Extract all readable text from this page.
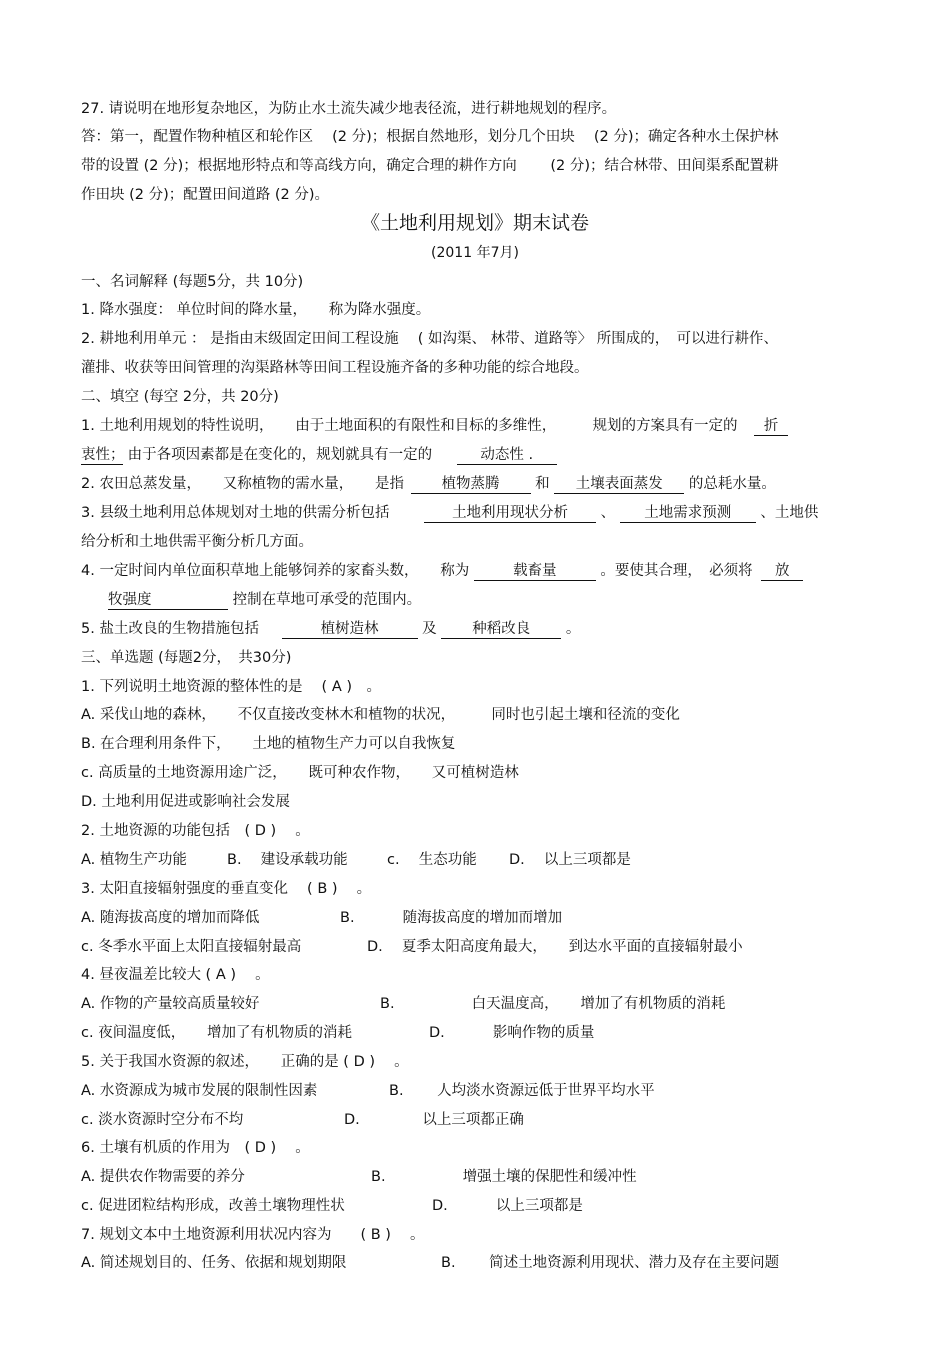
27. 请说明在地形复杂地区，为防止水土流失减少地表径流，进行耕地规划的程序。
答：第一，配置作物种植区和轮作区　 (2 分)；根据自然地形，划分几个田块　 (2 分)；确定各种水土保护林
带的设置 (2 分)；根据地形特点和等高线方向，确定合理的耕作方向　　 (2 分)；结合林带、田间渠系配置耕
作田块 (2 分)；配置田间道路 (2 分)。
《土地利用规划》期末试卷
(2011 年7月)
一、名词解释 (每题5分，共 10分)
1. 降水强度： 单位时间的降水量，　　称为降水强度。
2. 耕地利用单元 ： 是指由末级固定田间工程设施　 ( 如沟渠、 林带、道路等〉 所围成的，　可以进行耕作、
灌排、收获等田间管理的沟渠路林等田间工程设施齐备的多种功能的综合地段。
二、填空 (每空 2分，共 20分)
1. 土地利用规划的特性说明，　　由于土地面积的有限性和目标的多维性，　　　规划的方案具有一定的 折
衷性； 由于各项因素都是在变化的，规划就具有一定的	动态性 .
2. 农田总蒸发量，　　又称植物的需水量，　　是指	植物蒸腾 和 土壤表面蒸发 的总耗水量。
3. 县级土地利用总体规划对土地的供需分析包括	土地利用现状分析 、 土地需求预测 、土地供
给分析和土地供需平衡分析几方面。
4. 一定时间内单位面积草地上能够饲养的家畜头数，　　称为	载畜量	。要使其合理，　必须将 放
牧强度	控制在草地可承受的范围内。
5. 盐土改良的生物措施包括	植树造林	及 种稻改良 。
三、单选题 (每题2分，　共30分)
1. 下列说明土地资源的整体性的是　 ( A )　。
A. 采伐山地的森林，　　不仅直接改变林木和植物的状况，　　　同时也引起土壤和径流的变化
B. 在合理利用条件下，　　土地的植物生产力可以自我恢复
c. 高质量的土地资源用途广泛，　　既可种农作物，　　又可植树造林
D. 土地利用促进或影响社会发展
2. 土地资源的功能包括　( D )　 。
A. 植物生产功能	B.　 建设承载功能	c.　 生态功能 D.　 以上三项都是
3. 太阳直接辐射强度的垂直变化　 ( B )　 。
A. 随海拔高度的增加而降低	B.　　　 随海拔高度的增加而增加
c. 冬季水平面上太阳直接辐射最高	D.　 夏季太阳高度角最大，　　到达水平面的直接辐射最小
4. 昼夜温差比较大 ( A )　 。
A. 作物的产量较高质量较好	B.　　　　　 白天温度高，　　增加了有机物质的消耗
c. 夜间温度低，　　增加了有机物质的消耗	D.　　　 影响作物的质量
5. 关于我国水资源的叙述，　　正确的是 ( D )　 。
A. 水资源成为城市发展的限制性因素	B.　　 人均淡水资源远低于世界平均水平
c. 淡水资源时空分布不均	D.　　　　 以上三项都正确
6. 土壤有机质的作用为　( D )　 。
A. 提供农作物需要的养分	B.　　　　　 增强土壤的保肥性和缓冲性
c. 促进团粒结构形成，改善土壤物理性状	D.　　　 以上三项都是
7. 规划文本中土地资源利用状况内容为　　( B )　 。
A. 简述规划目的、任务、依据和规划期限	B.　　 简述土地资源利用现状、潜力及存在主要问题
